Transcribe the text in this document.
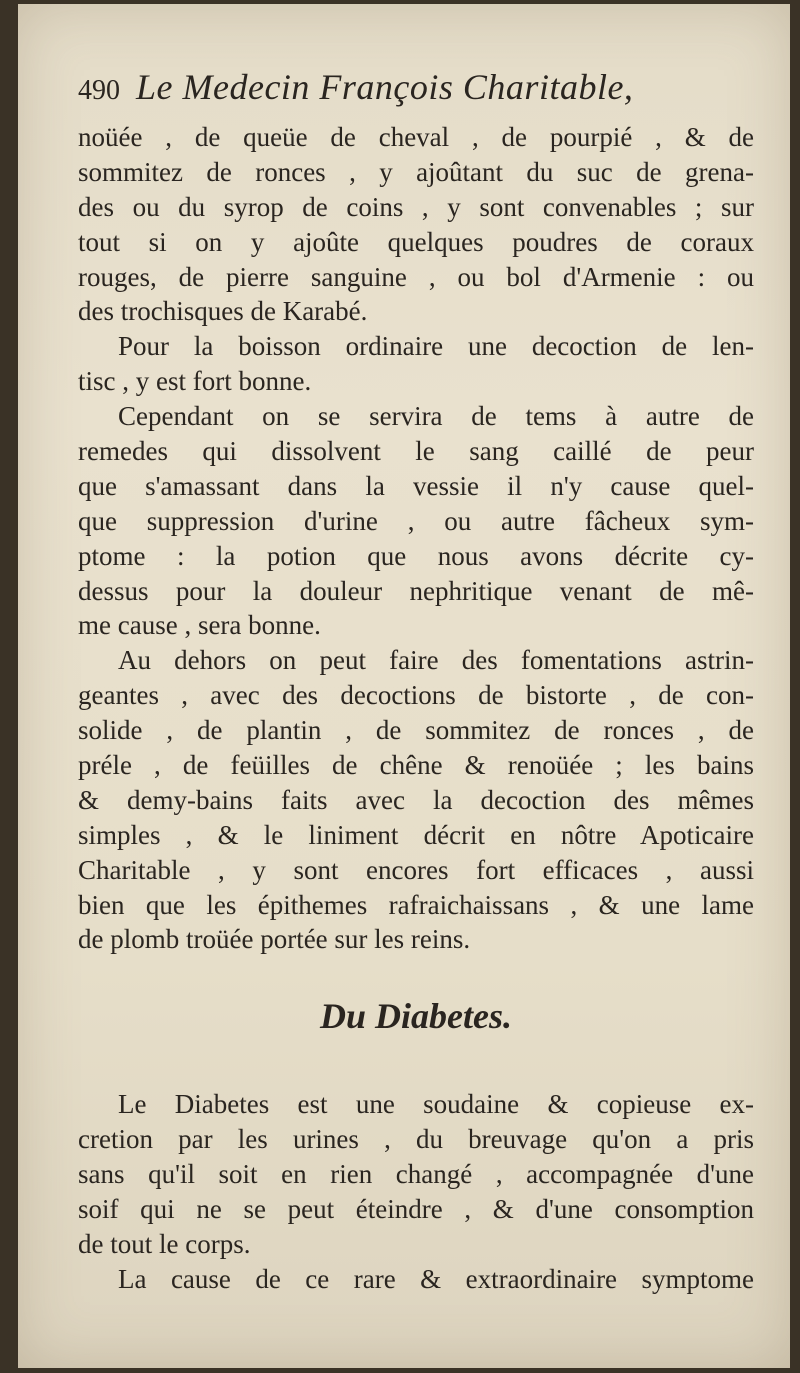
490 Le Medecin François Charitable,
noüée , de queüe de cheval , de pourpié , & de
sommitez de ronces , y ajoûtant du suc de grena-
des ou du syrop de coins , y sont convenables ; sur
tout si on y ajoûte quelques poudres de coraux
rouges, de pierre sanguine , ou bol d'Armenie : ou
des trochisques de Karabé.
Pour la boisson ordinaire une decoction de len-
tisc , y est fort bonne.
Cependant on se servira de tems à autre de
remedes qui dissolvent le sang caillé de peur
que s'amassant dans la vessie il n'y cause quel-
que suppression d'urine , ou autre fâcheux sym-
ptome : la potion que nous avons décrite cy-
dessus pour la douleur nephritique venant de mê-
me cause , sera bonne.
Au dehors on peut faire des fomentations astrin-
geantes , avec des decoctions de bistorte , de con-
solide , de plantin , de sommitez de ronces , de
préle , de feüilles de chêne & renoüée ; les bains
& demy-bains faits avec la decoction des mêmes
simples , & le liniment décrit en nôtre Apoticaire
Charitable , y sont encores fort efficaces , aussi
bien que les épithemes rafraichaissans , & une lame
de plomb troüée portée sur les reins.
Du Diabetes.
Le Diabetes est une soudaine & copieuse ex-
cretion par les urines , du breuvage qu'on a pris
sans qu'il soit en rien changé , accompagnée d'une
soif qui ne se peut éteindre , & d'une consomption
de tout le corps.
La cause de ce rare & extraordinaire symptome
